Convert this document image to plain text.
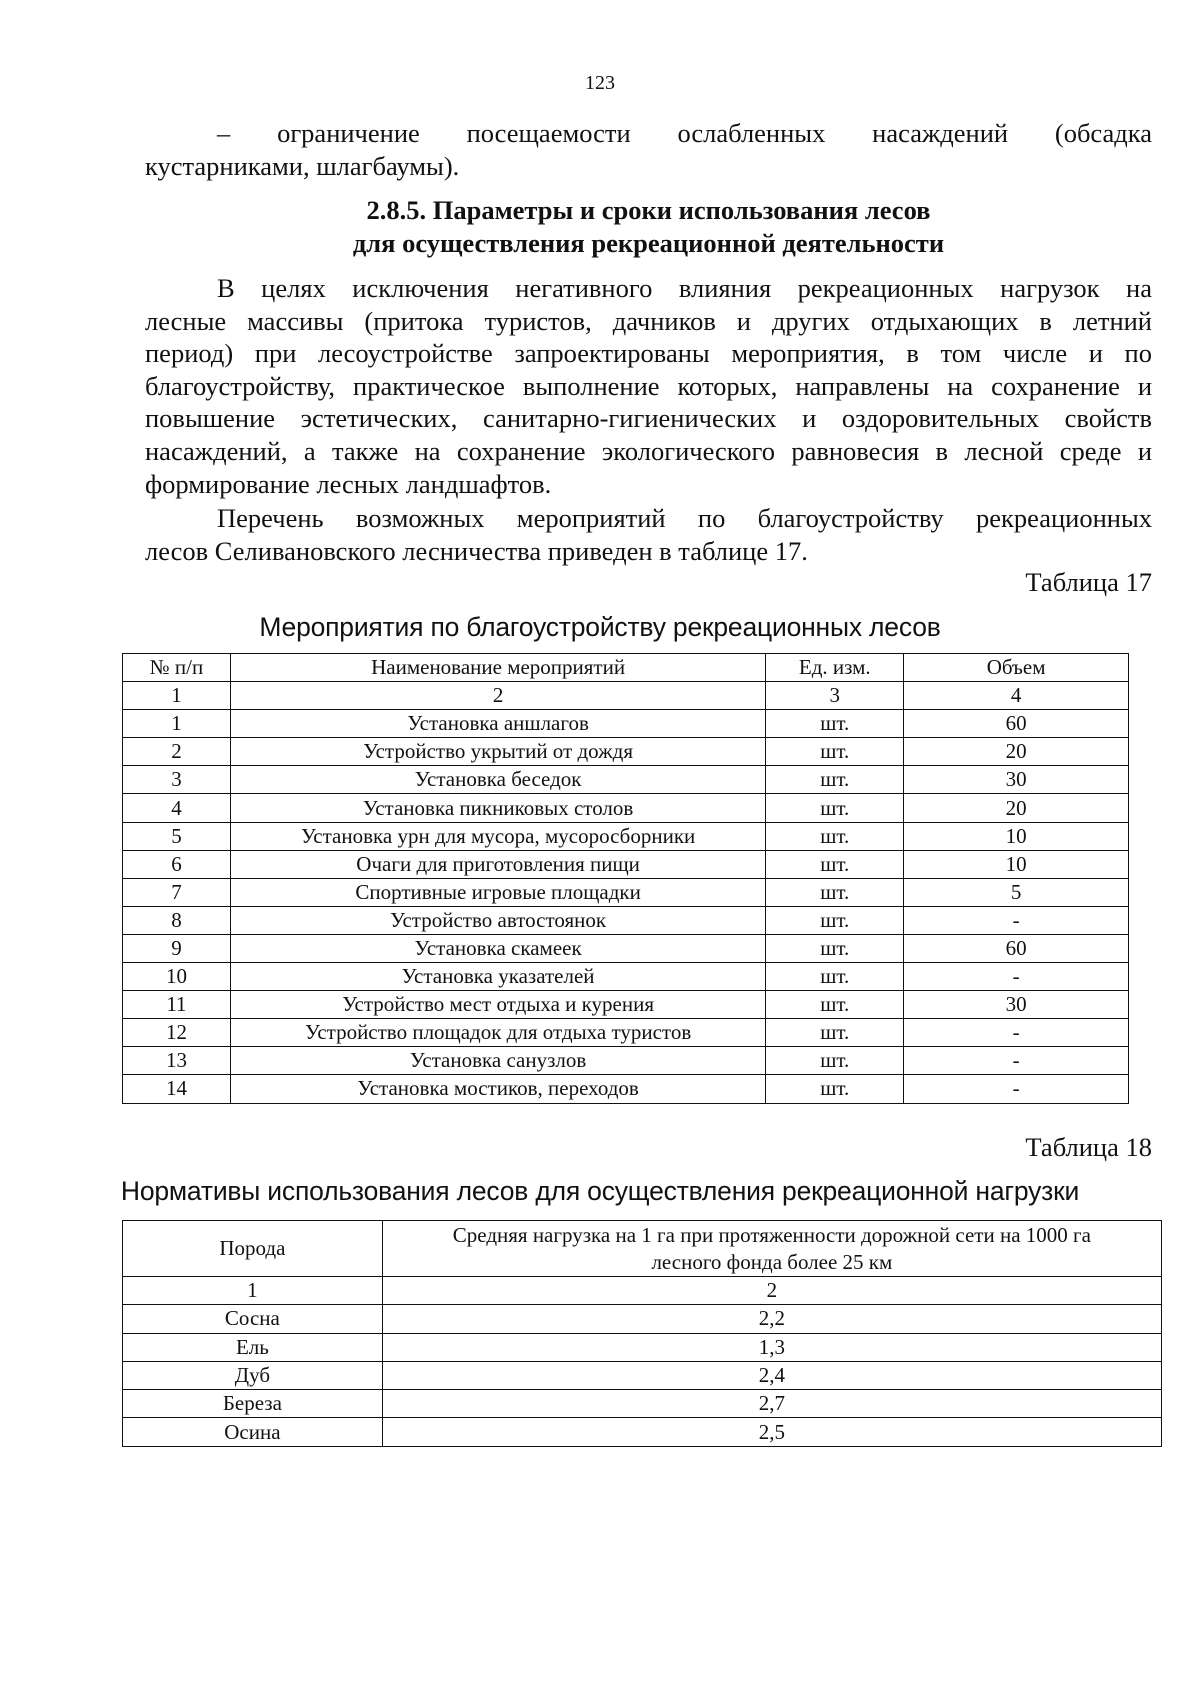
123
– ограничение посещаемости ослабленных насаждений (обсадка
кустарниками, шлагбаумы).
2.8.5. Параметры и сроки использования лесов
для осуществления рекреационной деятельности
В целях исключения негативного влияния рекреационных нагрузок на
лесные массивы (притока туристов, дачников и других отдыхающих в летний
период) при лесоустройстве запроектированы мероприятия, в том числе и по
благоустройству, практическое выполнение которых, направлены на сохранение и
повышение эстетических, санитарно-гигиенических и оздоровительных свойств
насаждений, а также на сохранение экологического равновесия в лесной среде и
формирование лесных ландшафтов.
Перечень возможных мероприятий по благоустройству рекреационных
лесов Селивановского лесничества приведен в таблице 17.
Таблица 17
Мероприятия по благоустройству рекреационных лесов
№ п/п	Наименование мероприятий	Ед. изм.	Объем
1	2	3	4
1	Установка аншлагов	шт.	60
2	Устройство укрытий от дождя	шт.	20
3	Установка беседок	шт.	30
4	Установка пикниковых столов	шт.	20
5	Установка урн для мусора, мусоросборники	шт.	10
6	Очаги для приготовления пищи	шт.	10
7	Спортивные игровые площадки	шт.	5
8	Устройство автостоянок	шт.	-
9	Установка скамеек	шт.	60
10	Установка указателей	шт.	-
11	Устройство мест отдыха и курения	шт.	30
12	Устройство площадок для отдыха туристов	шт.	-
13	Установка санузлов	шт.	-
14	Установка мостиков, переходов	шт.	-
Таблица 18
Нормативы использования лесов для осуществления рекреационной нагрузки
Порода	Средняя нагрузка на 1 га при протяженности дорожной сети на 1000 га
лесного фонда более 25 км

1	2
Сосна	2,2
Ель	1,3
Дуб	2,4
Береза	2,7
Осина	2,5
